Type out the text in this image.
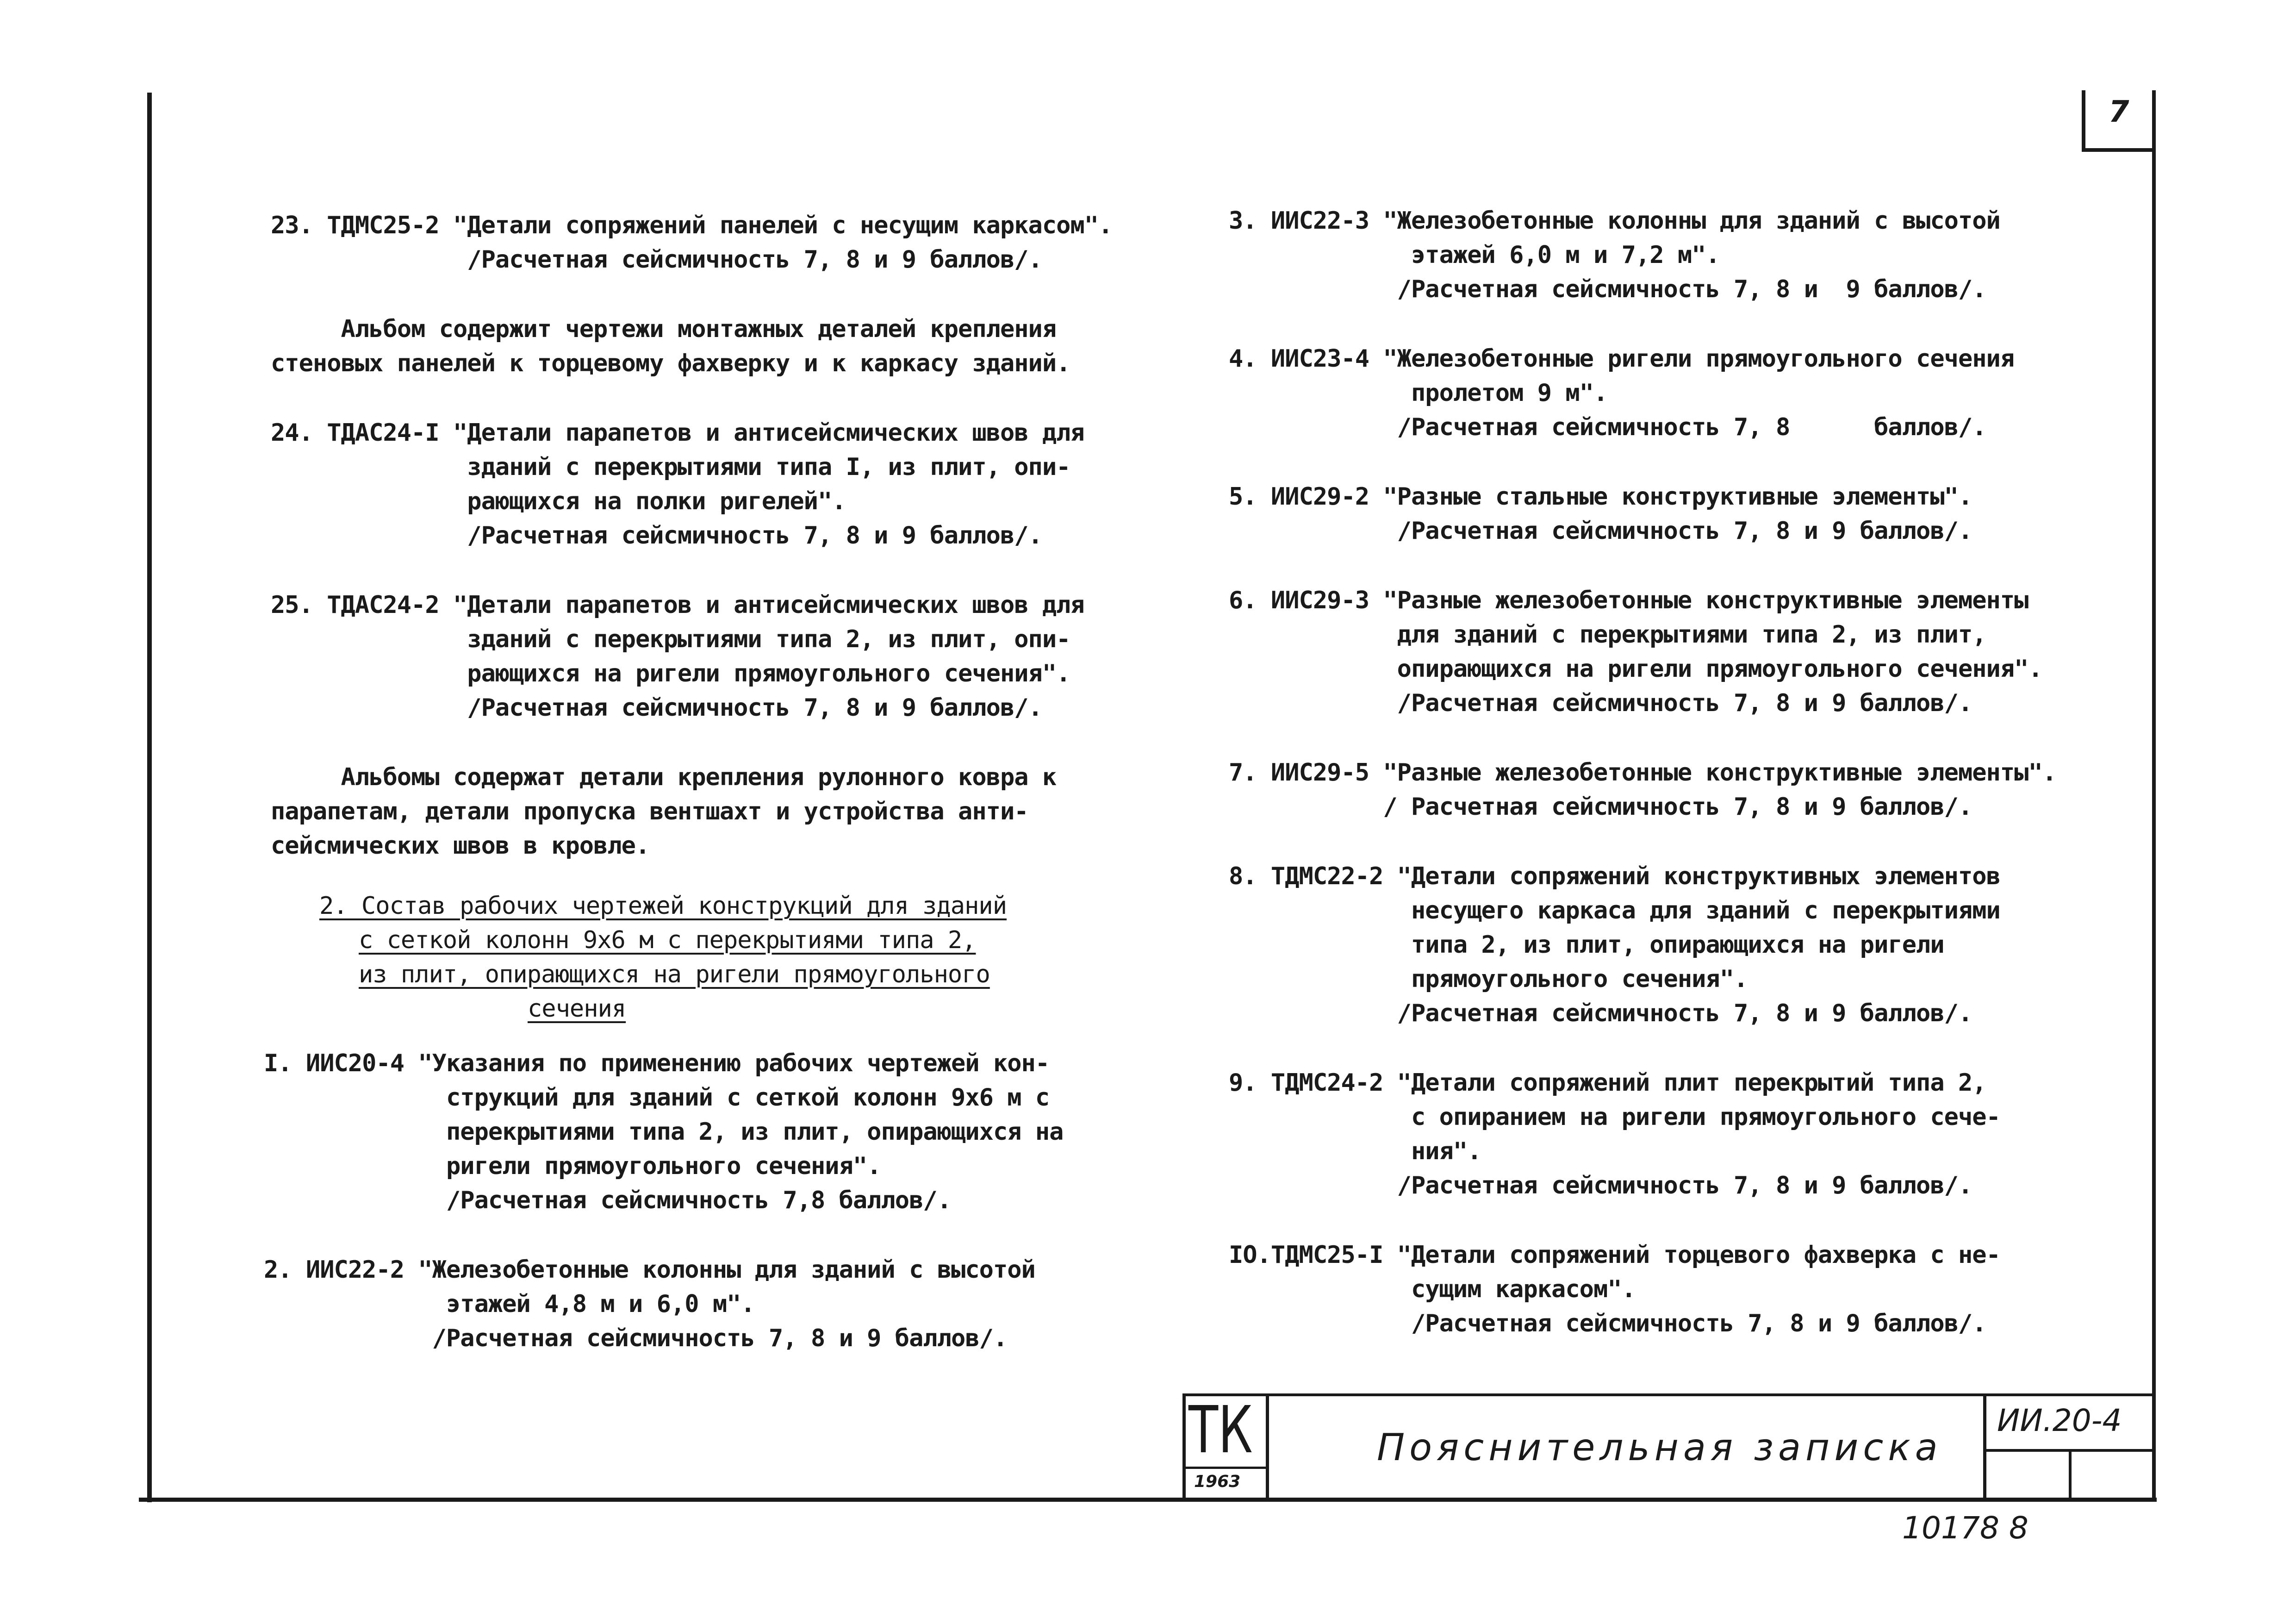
7
23. ТДМС25-2 "Детали сопряжений панелей с несущим каркасом".
/Расчетная сейсмичность 7, 8 и 9 баллов/.
Альбом содержит чертежи монтажных деталей крепления
стеновых панелей к торцевому фахверку и к каркасу зданий.
24. ТДАС24-I "Детали парапетов и антисейсмических швов для
зданий с перекрытиями типа I, из плит, опи-
рающихся на полки ригелей".
/Расчетная сейсмичность 7, 8 и 9 баллов/.
25. ТДАС24-2 "Детали парапетов и антисейсмических швов для
зданий с перекрытиями типа 2, из плит, опи-
рающихся на ригели прямоугольного сечения".
/Расчетная сейсмичность 7, 8 и 9 баллов/.
Альбомы содержат детали крепления рулонного ковра к
парапетам, детали пропуска вентшахт и устройства анти-
сейсмических швов в кровле.
2. Состав рабочих чертежей конструкций для зданий
с сеткой колонн 9х6 м с перекрытиями типа 2,
из плит, опирающихся на ригели прямоугольного
сечения
I. ИИС20-4 "Указания по применению рабочих чертежей кон-
струкций для зданий с сеткой колонн 9х6 м с
перекрытиями типа 2, из плит, опирающихся на
ригели прямоугольного сечения".
/Расчетная сейсмичность 7,8 баллов/.
2. ИИС22-2 "Железобетонные колонны для зданий с высотой
этажей 4,8 м и 6,0 м".
/Расчетная сейсмичность 7, 8 и 9 баллов/.
3. ИИС22-3 "Железобетонные колонны для зданий с высотой
этажей 6,0 м и 7,2 м".
/Расчетная сейсмичность 7, 8 и  9 баллов/.
4. ИИС23-4 "Железобетонные ригели прямоугольного сечения
пролетом 9 м".
/Расчетная сейсмичность 7, 8      баллов/.
5. ИИС29-2 "Разные стальные конструктивные элементы".
/Расчетная сейсмичность 7, 8 и 9 баллов/.
6. ИИС29-3 "Разные железобетонные конструктивные элементы
для зданий с перекрытиями типа 2, из плит,
опирающихся на ригели прямоугольного сечения".
/Расчетная сейсмичность 7, 8 и 9 баллов/.
7. ИИС29-5 "Разные железобетонные конструктивные элементы".
/ Расчетная сейсмичность 7, 8 и 9 баллов/.
8. ТДМС22-2 "Детали сопряжений конструктивных элементов
несущего каркаса для зданий с перекрытиями
типа 2, из плит, опирающихся на ригели
прямоугольного сечения".
/Расчетная сейсмичность 7, 8 и 9 баллов/.
9. ТДМС24-2 "Детали сопряжений плит перекрытий типа 2,
с опиранием на ригели прямоугольного сече-
ния".
/Расчетная сейсмичность 7, 8 и 9 баллов/.
IO.ТДМС25-I "Детали сопряжений торцевого фахверка с не-
сущим каркасом".
/Расчетная сейсмичность 7, 8 и 9 баллов/.
ТК
1963
Пояснительная записка
ИИ.20-4
10178 8
